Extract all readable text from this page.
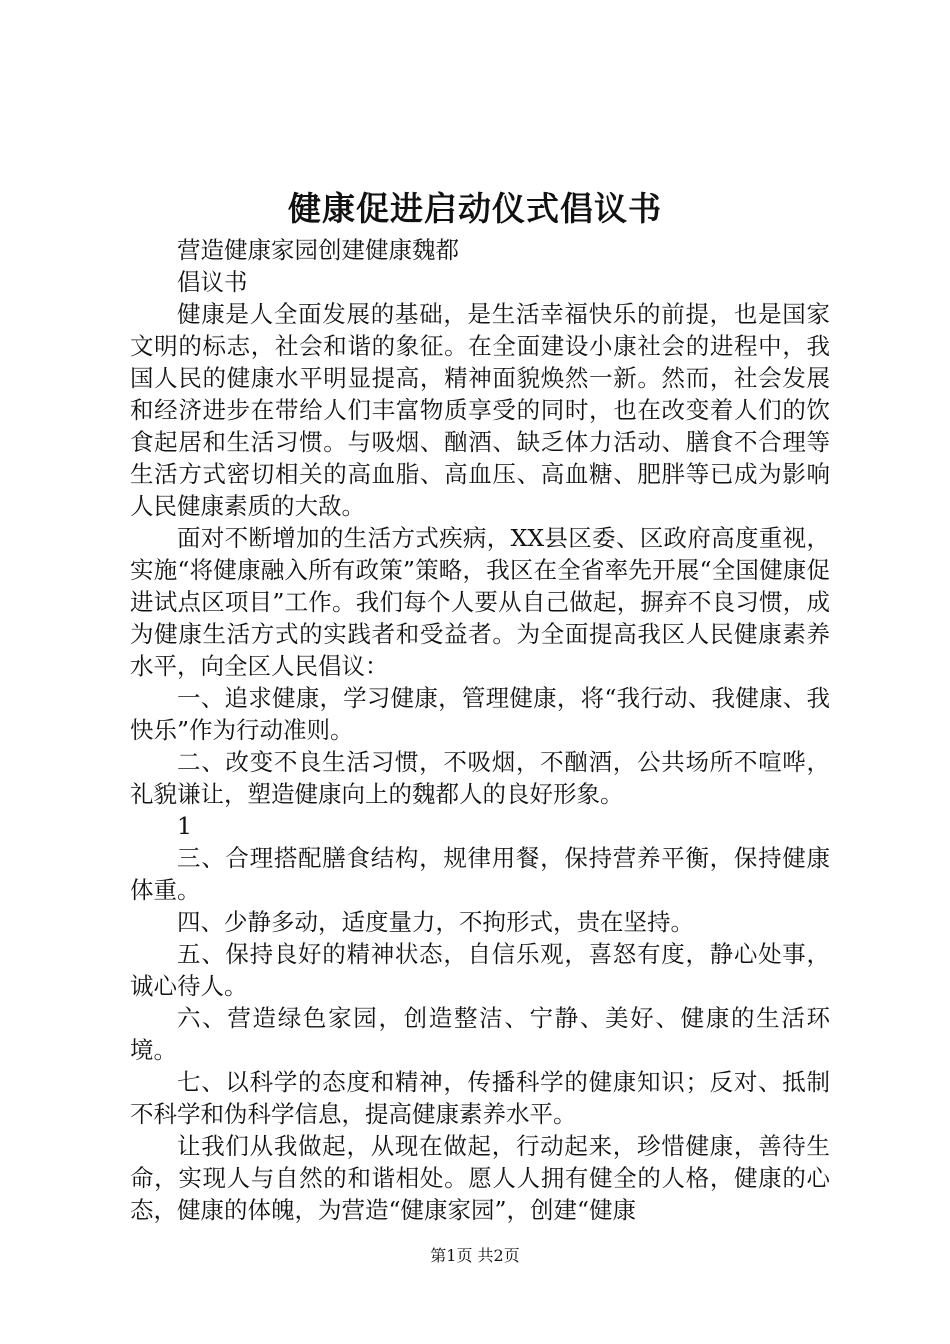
健康促进启动仪式倡议书

营造健康家园创建健康魏都

倡议书

健康是人全面发展的基础，是生活幸福快乐的前提，也是国家文明的标志，社会和谐的象征。在全面建设小康社会的进程中，我国人民的健康水平明显提高，精神面貌焕然一新。然而，社会发展和经济进步在带给人们丰富物质享受的同时，也在改变着人们的饮食起居和生活习惯。与吸烟、酗酒、缺乏体力活动、膳食不合理等生活方式密切相关的高血脂、高血压、高血糖、肥胖等已成为影响人民健康素质的大敌。

面对不断增加的生活方式疾病，XX县区委、区政府高度重视，实施“将健康融入所有政策”策略，我区在全省率先开展“全国健康促进试点区项目”工作。我们每个人要从自己做起，摒弃不良习惯，成为健康生活方式的实践者和受益者。为全面提高我区人民健康素养水平，向全区人民倡议：

一、追求健康，学习健康，管理健康，将“我行动、我健康、我快乐”作为行动准则。

二、改变不良生活习惯，不吸烟，不酗酒，公共场所不喧哗，礼貌谦让，塑造健康向上的魏都人的良好形象。

1

三、合理搭配膳食结构，规律用餐，保持营养平衡，保持健康体重。

四、少静多动，适度量力，不拘形式，贵在坚持。

五、保持良好的精神状态，自信乐观，喜怒有度，静心处事，诚心待人。

六、营造绿色家园，创造整洁、宁静、美好、健康的生活环境。

七、以科学的态度和精神，传播科学的健康知识；反对、抵制不科学和伪科学信息，提高健康素养水平。

让我们从我做起，从现在做起，行动起来，珍惜健康，善待生命，实现人与自然的和谐相处。愿人人拥有健全的人格，健康的心态，健康的体魄，为营造“健康家园”，创建“健康

第1页 共2页
